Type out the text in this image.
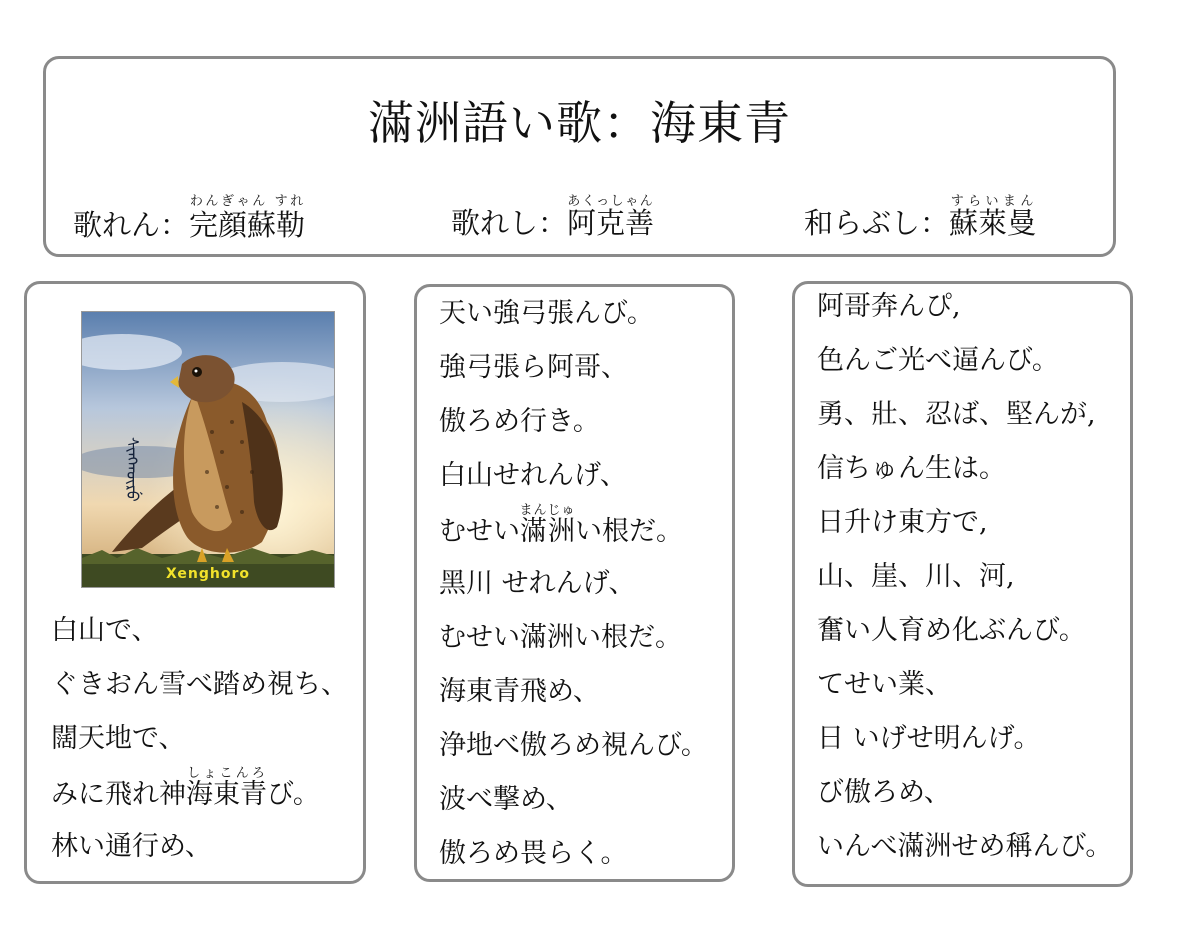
滿洲語い歌：海東青
歌れん：完顔蘇勒わんぎゃん すれ
歌れし：阿克善あくっしゃん
和らぶし：蘇萊曼すらいまん
ᠰᡳᠩᡴᡡᡵᡠ
Xenghoro
白山で、
ぐきおん雪べ踏め視ち、
闊天地で、
みに飛れ神海東青しょこんろび。
林い通行め、
天い強弓張んび。
強弓張ら阿哥、
傲ろめ行き。
白山せれんげ、
むせい滿洲まんじゅい根だ。
黑川 せれんげ、
むせい滿洲い根だ。
海東青飛め、
浄地べ傲ろめ視んび。
波べ撃め、
傲ろめ畏らく。
阿哥奔んぴ,
色んご光べ逼んび。
勇、壯、忍ば、堅んが,
信ちゅん生は。
日升け東方で,
山、崖、川、河,
奮い人育め化ぶんび。
てせい業、
日 いげせ明んげ。
び傲ろめ、
いんべ滿洲せめ稱んび。
